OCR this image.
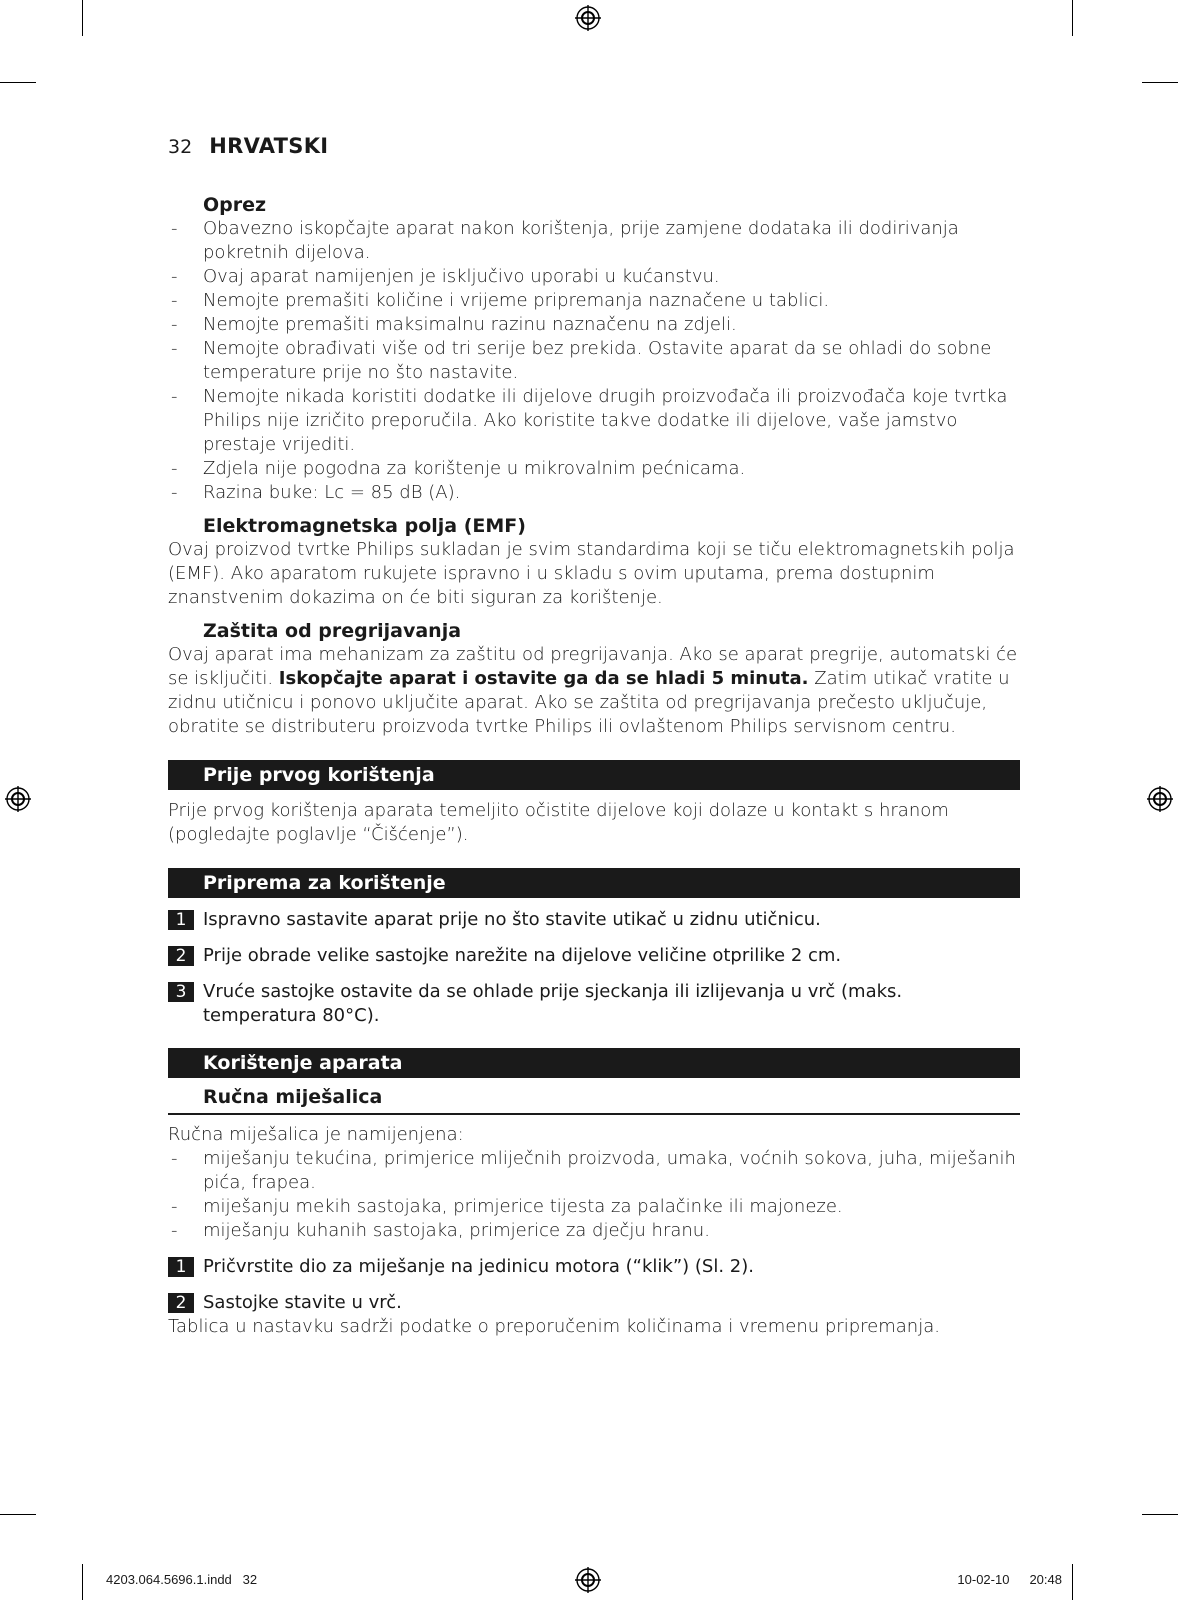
32 HRVATSKI
Oprez
- Obavezno iskopčajte aparat nakon korištenja, prije zamjene dodataka ili dodirivanja pokretnih dijelova.
- Ovaj aparat namijenjen je isključivo uporabi u kućanstvu.
- Nemojte premašiti količine i vrijeme pripremanja naznačene u tablici.
- Nemojte premašiti maksimalnu razinu naznačenu na zdjeli.
- Nemojte obrađivati više od tri serije bez prekida. Ostavite aparat da se ohladi do sobne temperature prije no što nastavite.
- Nemojte nikada koristiti dodatke ili dijelove drugih proizvođača ili proizvođača koje tvrtka Philips nije izričito preporučila. Ako koristite takve dodatke ili dijelove, vaše jamstvo prestaje vrijediti.
- Zdjela nije pogodna za korištenje u mikrovalnim pećnicama.
- Razina buke: Lc = 85 dB (A).
Elektromagnetska polja (EMF)

Ovaj proizvod tvrtke Philips sukladan je svim standardima koji se tiču elektromagnetskih polja (EMF). Ako aparatom rukujete ispravno i u skladu s ovim uputama, prema dostupnim znanstvenim dokazima on će biti siguran za korištenje.

Zaštita od pregrijavanja

Ovaj aparat ima mehanizam za zaštitu od pregrijavanja. Ako se aparat pregrije, automatski će se isključiti. Iskopčajte aparat i ostavite ga da se hladi 5 minuta. Zatim utikač vratite u zidnu utičnicu i ponovo uključite aparat. Ako se zaštita od pregrijavanja prečesto uključuje, obratite se distributeru proizvoda tvrtke Philips ili ovlaštenom Philips servisnom centru.

Prije prvog korištenja

Prije prvog korištenja aparata temeljito očistite dijelove koji dolaze u kontakt s hranom (pogledajte poglavlje “Čišćenje”).

Priprema za korištenje
1 Ispravno sastavite aparat prije no što stavite utikač u zidnu utičnicu.
2 Prije obrade velike sastojke narežite na dijelove veličine otprilike 2 cm.
3 Vruće sastojke ostavite da se ohlade prije sjeckanja ili izlijevanja u vrč (maks. temperatura 80°C).
Korištenje aparata
Ručna miješalica

Ručna miješalica je namijenjena:

- miješanju tekućina, primjerice mliječnih proizvoda, umaka, voćnih sokova, juha, miješanih pića, frapea.
- miješanju mekih sastojaka, primjerice tijesta za palačinke ili majoneze.
- miješanju kuhanih sastojaka, primjerice za dječju hranu.
1 Pričvrstite dio za miješanje na jedinicu motora (“klik”) (Sl. 2).
2 Sastojke stavite u vrč.

Tablica u nastavku sadrži podatke o preporučenim količinama i vremenu pripremanja.

4203.064.5696.1.indd   32	10-02-10 20:48
